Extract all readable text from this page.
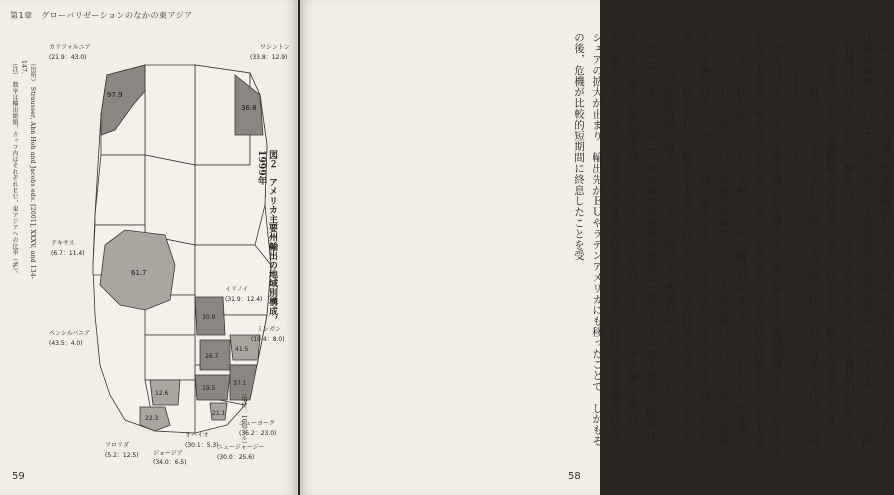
第1章　グローバリゼーションのなかの東アジア
（出所） Strausser, Ahn Hoh and Jacobs eds. [2001], XXXV, and 134-147.
（注）　数字は輸出総額，カッコ内はそれぞれＥＵ，東アジアへの比率（%）。	36.8
97.9
61.7
30.9
41.5
26.7
19.5
37.1
21.1
12.6
22.3
ワシントン
(33.8：12.9)
カリフォルニア
(21.9：43.0)
テキサス
(6.7：11.4)
イリノイ
(31.9：12.4)
ミシガン
(10.4：8.0)
オハイオ
(30.1：5.3)
ニューヨーク
(36.2：23.0)
ニュージャージー
(30.0：25.6)
フロリダ
(5.2：12.5) ジョージア
(34.0：6.5)
ペンシルバニア
(43.5：4.0)
図２　アメリカ主要州輸出の地域別構成，1999年
（単位：10億ドル）
59

戻ってアメリカの貿易の地域別構成を見ると，日本の比重が下がり，アジアとＥＵの比重が増加していることがわかる。工業品貿易の統計を見ると，アメリカとＥＵの間の貿易は，特定の分野で「棲み分け」ていることがうかがえ，水平貿易的に拡大している。他方，日本への機械輸出は停滞的であり，日本からの輸入が圧倒的に大きい。アジアとの貿易は，アメリカとＥＵの間ほど水平的ではないが，日本よりは双方向的になってきていると言えよう。

図２は，アメリカの主要な輸出州を選んで，輸出額とその地域別構成を示したものである。太部分の州では，カナダ，メキシコを含むアメリカ大陸の比重がもっとも大きくなる。それを除くと，ＥＵと東アジアへの輸出が基本であった。しかし，東北部を中心とした七つの州でＥＵへの輸出が東アジアへのそれを凌いでいたのに対し，対東アジア輸出はカリフォルニア州で最大であり，テキサス州でもアメリカ大陸の次に位置し，いずれもＥＵへの輸出を大きく上回った。アメリカ経済の内部にも，主としてアジア太平洋経済圏に属することによって成長する地域が出てきたのである。

そこで，カリフォルニア州の輸出の地域別構成を一瞥しよう（表３参照）。同州はアメリカで最大の輸出額を誇り，しかも一九九〇年代に大きくハイテク輸出を伸ばした。東アジアのシェアの圧倒的な大きさが印象的であるが，同時に通貨危機の時点でシェアの拡大が止まり，輸出先がＥＵやラテンアメリカにも移ったことで，しかもその後，危機が比較的短期間に終息したことを受

58
